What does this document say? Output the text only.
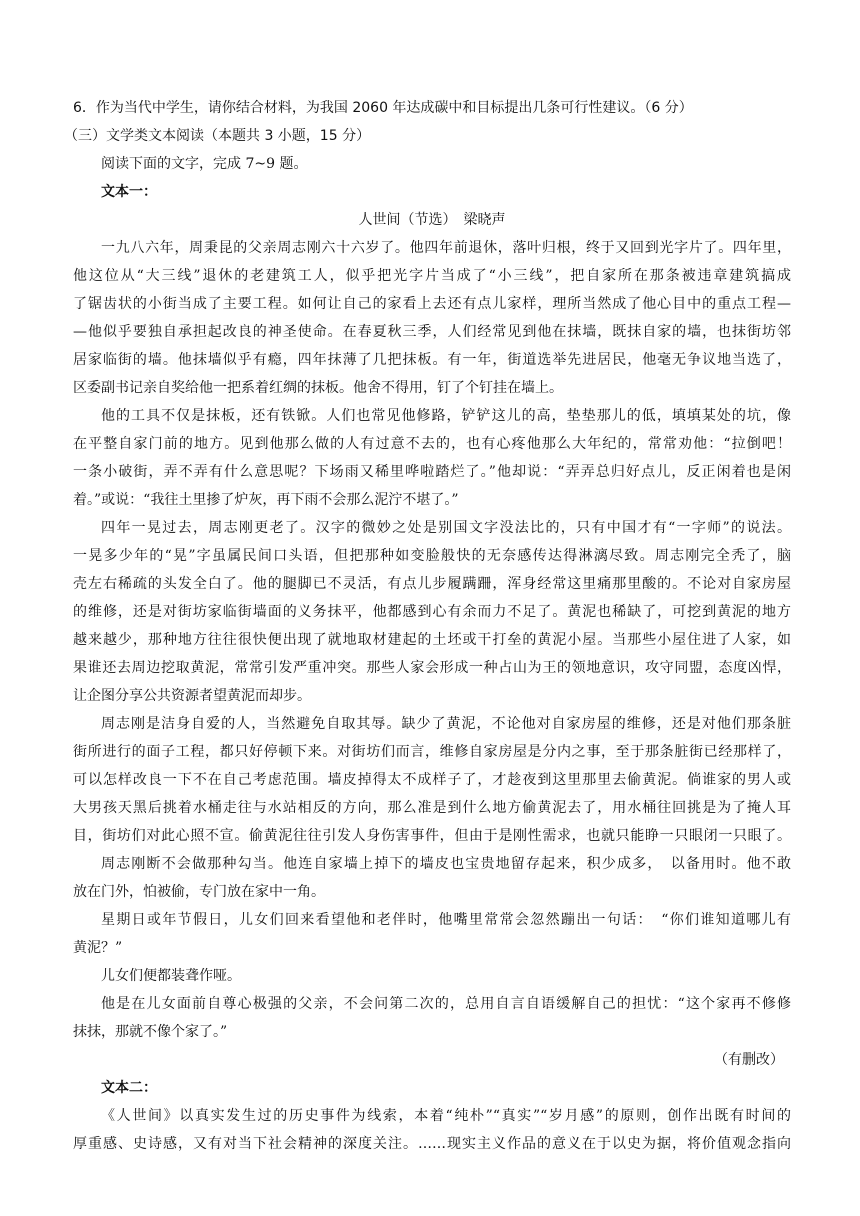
6．作为当代中学生，请你结合材料，为我国 2060 年达成碳中和目标提出几条可行性建议。（6 分）
（三）文学类文本阅读（本题共 3 小题，15 分）
阅读下面的文字，完成 7~9 题。
文本一：
人世间（节选）　梁晓声
一九八六年，周秉昆的父亲周志刚六十六岁了。他四年前退休，落叶归根，终于又回到光字片了。四年里，
他这位从“大三线”退休的老建筑工人，似乎把光字片当成了“小三线”，把自家所在那条被违章建筑搞成
了锯齿状的小街当成了主要工程。如何让自己的家看上去还有点儿家样，理所当然成了他心目中的重点工程—
—他似乎要独自承担起改良的神圣使命。在春夏秋三季，人们经常见到他在抹墙，既抹自家的墙，也抹街坊邻
居家临街的墙。他抹墙似乎有瘾，四年抹薄了几把抹板。有一年，街道选举先进居民，他毫无争议地当选了，
区委副书记亲自奖给他一把系着红绸的抹板。他舍不得用，钉了个钉挂在墙上。
他的工具不仅是抹板，还有铁锨。人们也常见他修路，铲铲这儿的高，垫垫那儿的低，填填某处的坑，像
在平整自家门前的地方。见到他那么做的人有过意不去的，也有心疼他那么大年纪的，常常劝他：“拉倒吧！
一条小破街，弄不弄有什么意思呢？下场雨又稀里哗啦踏烂了。”他却说：“弄弄总归好点儿，反正闲着也是闲
着。”或说：“我往土里掺了炉灰，再下雨不会那么泥泞不堪了。”
四年一晃过去，周志刚更老了。汉字的微妙之处是别国文字没法比的，只有中国才有“一字师”的说法。
一晃多少年的“晃”字虽属民间口头语，但把那种如变脸般快的无奈感传达得淋漓尽致。周志刚完全秃了，脑
壳左右稀疏的头发全白了。他的腿脚已不灵活，有点儿步履蹒跚，浑身经常这里痛那里酸的。不论对自家房屋
的维修，还是对街坊家临街墙面的义务抹平，他都感到心有余而力不足了。黄泥也稀缺了，可挖到黄泥的地方
越来越少，那种地方往往很快便出现了就地取材建起的土坯或干打垒的黄泥小屋。当那些小屋住进了人家，如
果谁还去周边挖取黄泥，常常引发严重冲突。那些人家会形成一种占山为王的领地意识，攻守同盟，态度凶悍，
让企图分享公共资源者望黄泥而却步。
周志刚是洁身自爱的人，当然避免自取其辱。缺少了黄泥，不论他对自家房屋的维修，还是对他们那条脏
街所进行的面子工程，都只好停顿下来。对街坊们而言，维修自家房屋是分内之事，至于那条脏街已经那样了，
可以怎样改良一下不在自己考虑范围。墙皮掉得太不成样子了，才趁夜到这里那里去偷黄泥。倘谁家的男人或
大男孩天黑后挑着水桶走往与水站相反的方向，那么准是到什么地方偷黄泥去了，用水桶往回挑是为了掩人耳
目，街坊们对此心照不宣。偷黄泥往往引发人身伤害事件，但由于是刚性需求，也就只能睁一只眼闭一只眼了。
周志刚断不会做那种勾当。他连自家墙上掉下的墙皮也宝贵地留存起来，积少成多，　以备用时。他不敢
放在门外，怕被偷，专门放在家中一角。
星期日或年节假日，儿女们回来看望他和老伴时，他嘴里常常会忽然蹦出一句话：　“你们谁知道哪儿有
黄泥？”
儿女们便都装聋作哑。
他是在儿女面前自尊心极强的父亲，不会问第二次的，总用自言自语缓解自己的担忧：“这个家再不修修
抹抹，那就不像个家了。”
（有删改）
文本二：
《人世间》以真实发生过的历史事件为线索，本着“纯朴”“真实”“岁月感”的原则，创作出既有时间的
厚重感、史诗感，又有对当下社会精神的深度关注。……现实主义作品的意义在于以史为据，将价值观念指向
